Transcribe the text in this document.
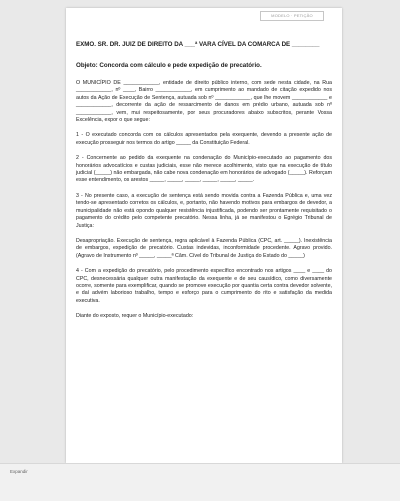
MODELO · PETIÇÃO

EXMO. SR. DR. JUIZ DE DIREITO DA ___ª VARA CÍVEL DA COMARCA DE ________

Objeto: Concorda com cálculo e pede expedição de precatório.

O MUNICÍPIO DE ____________, entidade de direito público interno, com sede nesta cidade, na Rua ____________, nº ____, Bairro ____________, em cumprimento ao mandado de citação expedido nos autos da Ação de Execução de Sentença, autuada sob nº ____________, que lhe movem ____________ e ____________, decorrente da ação de ressarcimento de danos em prédio urbano, autuada sob nº ____________, vem, mui respeitosamente, por seus procuradores abaixo subscritos, perante Vossa Excelência, expor o que segue:

1 - O executado concorda com os cálculos apresentados pela exequente, devendo a presente ação de execução prosseguir nos termos do artigo _____ da Constituição Federal.

2 - Concernente ao pedido da exequente na condenação do Município-executado ao pagamento dos honorários advocatícios e custas judiciais, esse não merece acolhimento, visto que na execução de título judicial (_____) não embargada, não cabe nova condenação em honorários de advogado (_____). Reforçam esse entendimento, os arestos _____, _____, _____, _____, _____, _____.

3 - No presente caso, a execução de sentença está sendo movida contra a Fazenda Pública e, uma vez tendo-se apresentado corretos os cálculos, e, portanto, não havendo motivos para embargos de devedor, a municipalidade não está opondo qualquer resistência injustificada, podendo ser prontamente requisitado o pagamento do crédito pelo competente precatório. Nessa linha, já se manifestou o Egrégio Tribunal de Justiça:

Desapropriação. Execução de sentença, regra aplicável à Fazenda Pública (CPC, art. _____). Inexistência de embargos, expedição de precatório. Custas indevidas, inconformidade procedente. Agravo provido. (Agravo de Instrumento nº _____, _____ª Câm. Cível do Tribunal de Justiça do Estado do _____)

4 - Com a expedição do precatório, pelo procedimento específico encontrado nos artigos ____ e ____ do CPC, desnecessária qualquer outra manifestação da exequente e de seu causídico, como diversamente ocorre, somente para exemplificar, quando se promove execução por quantia certa contra devedor solvente, e daí advém laborioso trabalho, tempo e esforço para o cumprimento do rito e satisfação da medida executiva.

Diante do exposto, requer o Município-executado:

Expandir
